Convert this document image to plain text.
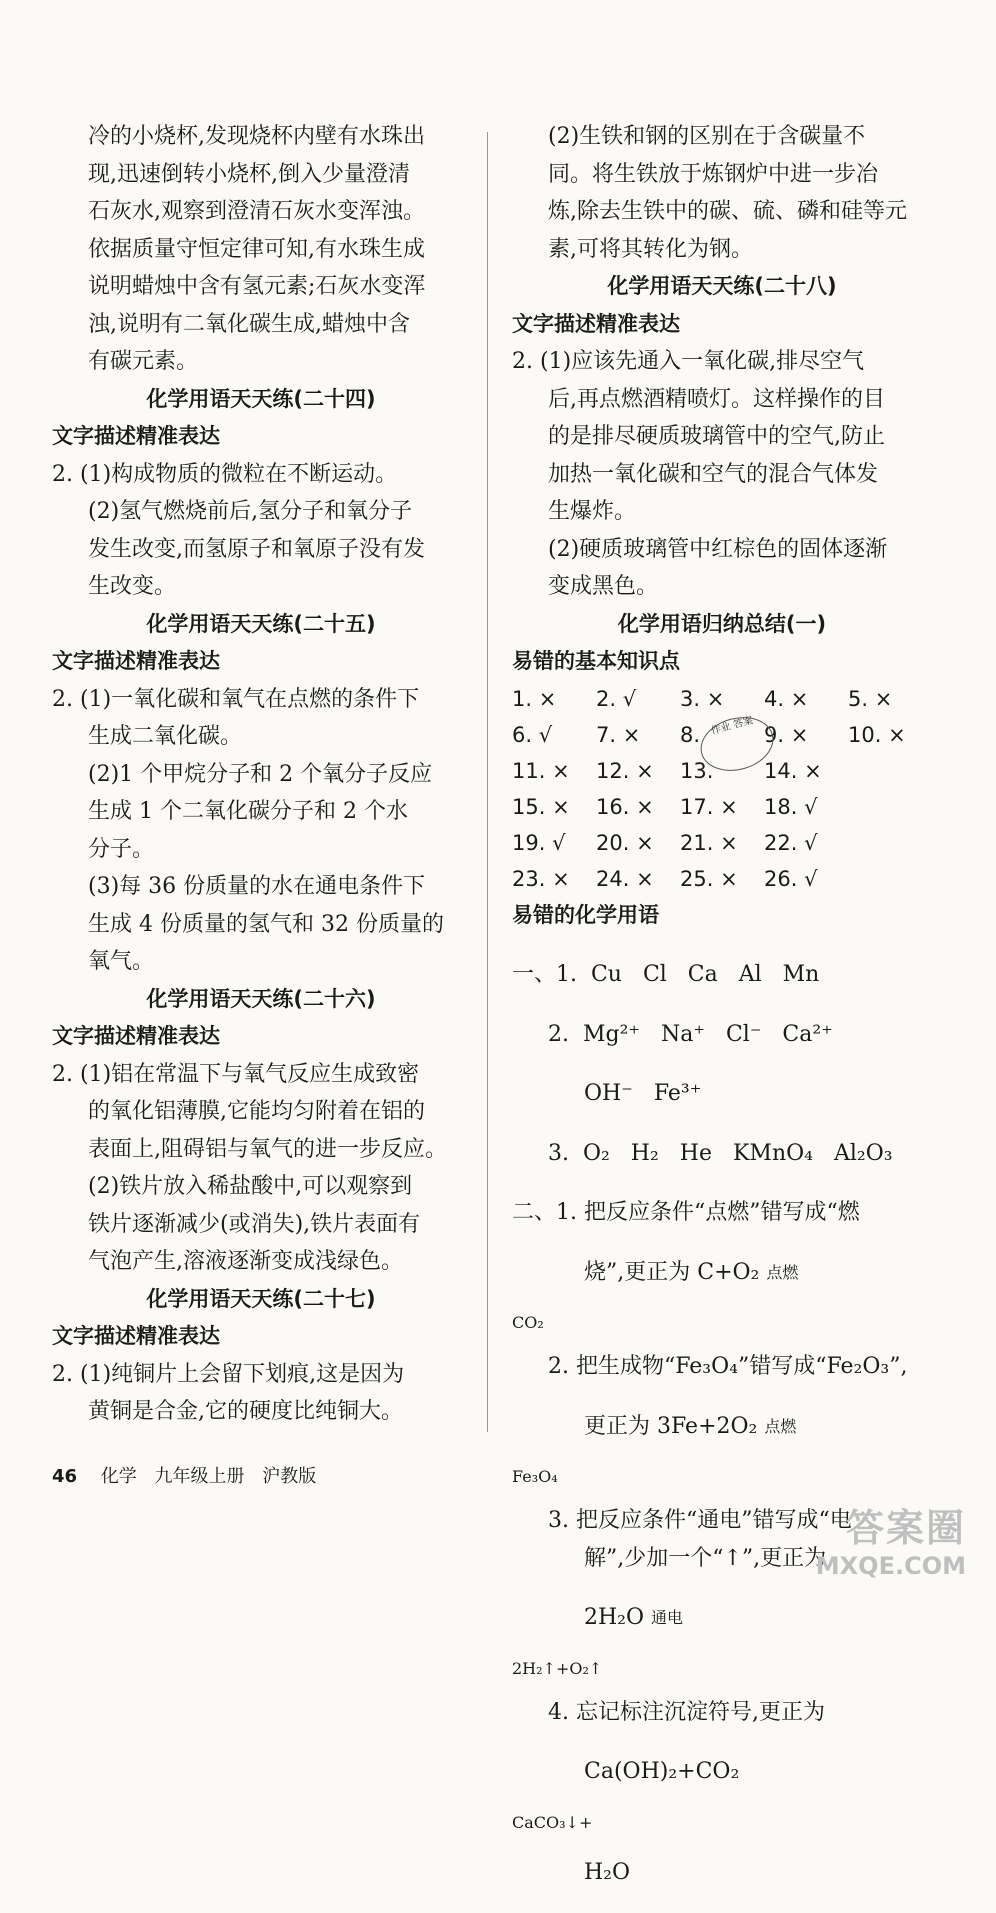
冷的小烧杯,发现烧杯内壁有水珠出

现,迅速倒转小烧杯,倒入少量澄清

石灰水,观察到澄清石灰水变浑浊。

依据质量守恒定律可知,有水珠生成

说明蜡烛中含有氢元素;石灰水变浑

浊,说明有二氧化碳生成,蜡烛中含

有碳元素。

化学用语天天练(二十四)

文字描述精准表达

2. (1)构成物质的微粒在不断运动。

(2)氢气燃烧前后,氢分子和氧分子

发生改变,而氢原子和氧原子没有发

生改变。

化学用语天天练(二十五)

文字描述精准表达

2. (1)一氧化碳和氧气在点燃的条件下

生成二氧化碳。

(2)1 个甲烷分子和 2 个氧分子反应

生成 1 个二氧化碳分子和 2 个水

分子。

(3)每 36 份质量的水在通电条件下

生成 4 份质量的氢气和 32 份质量的

氧气。

化学用语天天练(二十六)

文字描述精准表达

2. (1)铝在常温下与氧气反应生成致密

的氧化铝薄膜,它能均匀附着在铝的

表面上,阻碍铝与氧气的进一步反应。

(2)铁片放入稀盐酸中,可以观察到

铁片逐渐减少(或消失),铁片表面有

气泡产生,溶液逐渐变成浅绿色。

化学用语天天练(二十七)

文字描述精准表达

2. (1)纯铜片上会留下划痕,这是因为

黄铜是合金,它的硬度比纯铜大。

(2)生铁和钢的区别在于含碳量不

同。将生铁放于炼钢炉中进一步冶

炼,除去生铁中的碳、硫、磷和硅等元

素,可将其转化为钢。

化学用语天天练(二十八)

文字描述精准表达

2. (1)应该先通入一氧化碳,排尽空气

后,再点燃酒精喷灯。这样操作的目

的是排尽硬质玻璃管中的空气,防止

加热一氧化碳和空气的混合气体发

生爆炸。

(2)硬质玻璃管中红棕色的固体逐渐

变成黑色。

化学用语归纳总结(一)

易错的基本知识点

1. ×	2. √	3. ×	4. ×	5. ×
6. √	7. ×	8.	9. ×	10. ×
11. ×	12. ×	13.	14. ×
15. ×	16. ×	17. ×	18. √
19. √	20. ×	21. ×	22. √
23. ×	24. ×	25. ×	26. √

易错的化学用语

一、1.  Cu   Cl   Ca   Al   Mn

2.  Mg²⁺   Na⁺   Cl⁻   Ca²⁺

OH⁻   Fe³⁺

3.  O₂   H₂   He   KMnO₄   Al₂O₃

二、1. 把反应条件“点燃”错写成“燃

烧”,更正为 C+O₂ 点燃

CO₂

2. 把生成物“Fe₃O₄”错写成“Fe₂O₃”,

更正为 3Fe+2O₂ 点燃

Fe₃O₄

3. 把反应条件“通电”错写成“电

解”,少加一个“↑”,更正为

2H₂O 通电

2H₂↑+O₂↑

4. 忘记标注沉淀符号,更正为

Ca(OH)₂+CO₂

CaCO₃↓+

H₂O

作业 答案
46 化学 九年级上册 沪教版
答案圈
MXQE.COM
